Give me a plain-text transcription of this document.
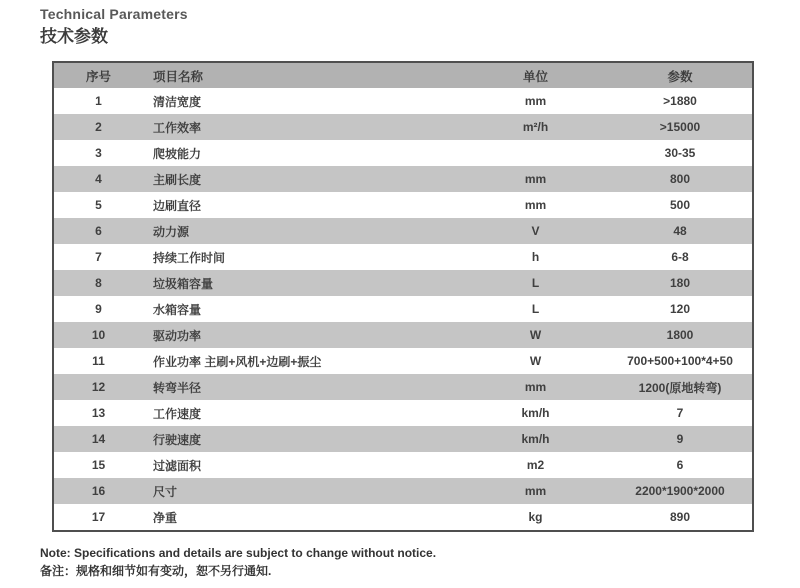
Technical Parameters
技术参数
序号	项目名称	单位	参数
1	清洁宽度	mm	>1880
2	工作效率	m²/h	>15000
3	爬坡能力		30-35
4	主刷长度	mm	800
5	边刷直径	mm	500
6	动力源	V	48
7	持续工作时间	h	6-8
8	垃圾箱容量	L	180
9	水箱容量	L	120
10	驱动功率	W	1800
11	作业功率 主刷+风机+边刷+振尘	W	700+500+100*4+50
12	转弯半径	mm	1200(原地转弯)
13	工作速度	km/h	7
14	行驶速度	km/h	9
15	过滤面积	m2	6
16	尺寸	mm	2200*1900*2000
17	净重	kg	890
Note: Specifications and details are subject to change without notice.
备注：规格和细节如有变动，恕不另行通知.
